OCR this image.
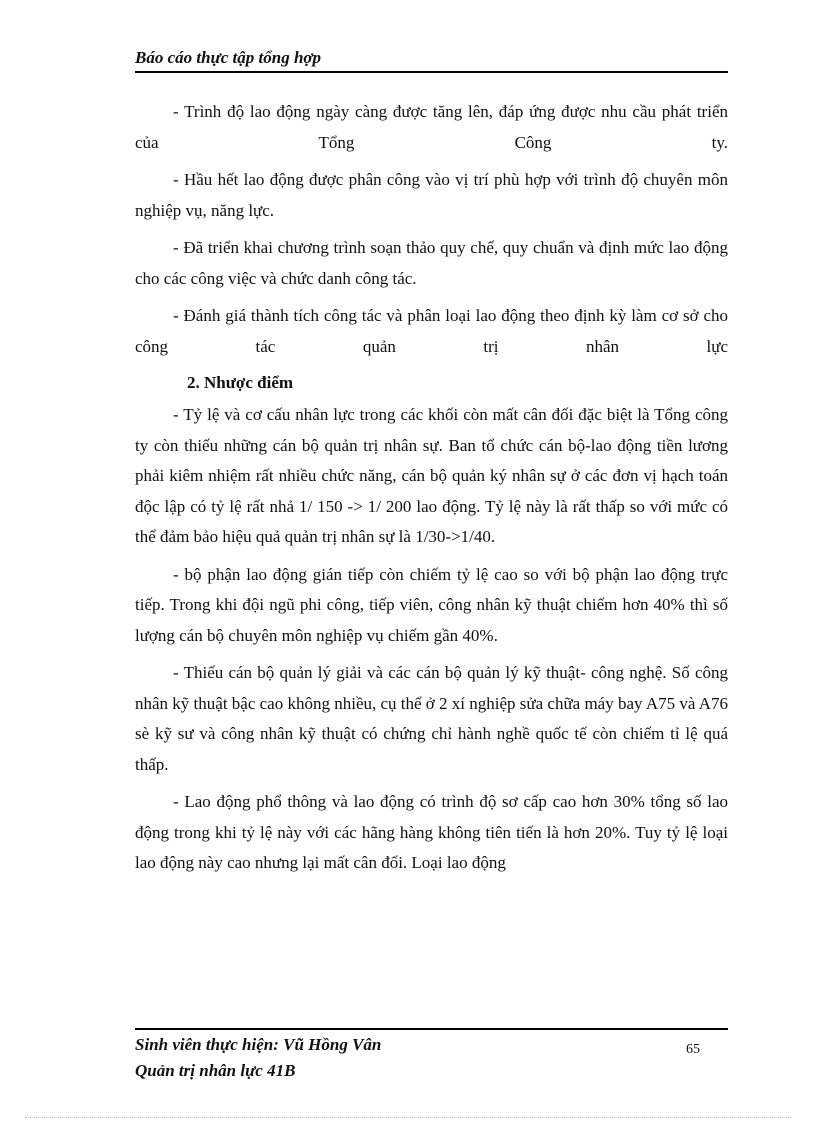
Báo cáo thực tập tổng hợp

- Trình độ lao động ngày càng được tăng lên, đáp ứng được nhu cầu phát triển của Tổng Công ty.

- Hầu hết lao động được phân công vào vị trí phù hợp với trình độ chuyên môn nghiệp vụ, năng lực.

- Đã triển khai chương trình soạn thảo quy chế, quy chuẩn và định mức lao động cho các công việc và chức danh công tác.

- Đánh giá thành tích công tác và phân loại lao động theo định kỳ làm cơ sở cho công tác quản trị nhân lực

2. Nhược điểm

- Tỷ lệ và cơ cấu nhân lực trong các khối còn mất cân đối đặc biệt là Tổng công ty còn thiếu những cán bộ quản trị nhân sự. Ban tổ chức cán bộ-lao động tiền lương phải kiêm nhiệm rất nhiều chức năng, cán bộ quản ký nhân sự ở các đơn vị hạch toán độc lập có tỷ lệ rất nhả 1/ 150 -> 1/ 200 lao động. Tỷ lệ này là rất thấp so với mức có thể đảm bảo hiệu quả quản trị nhân sự là 1/30->1/40.

- bộ phận lao động gián tiếp còn chiếm tỷ lệ cao so với bộ phận lao động trực tiếp. Trong khi đội ngũ phi công, tiếp viên, công nhân kỹ thuật chiếm hơn 40% thì số lượng cán bộ chuyên môn nghiệp vụ chiếm gần 40%.

- Thiếu cán bộ quản lý giải và các cán bộ quản lý kỹ thuật- công nghệ. Số công nhân kỹ thuật bậc cao không nhiều, cụ thể ở 2 xí nghiệp sửa chữa máy bay A75 và A76 sè kỹ sư và công nhân kỹ thuật có chứng chỉ hành nghề quốc tế còn chiếm tỉ lệ quá thấp.

- Lao động phổ thông và lao động có trình độ sơ cấp cao hơn 30% tổng số lao động trong khi tỷ lệ này với các hãng hàng không tiên tiến là hơn 20%. Tuy tỷ lệ loại lao động này cao nhưng lại mất cân đối. Loại lao động

Sinh viên thực hiện: Vũ Hồng Vân
Quản trị nhân lực 41B
65
